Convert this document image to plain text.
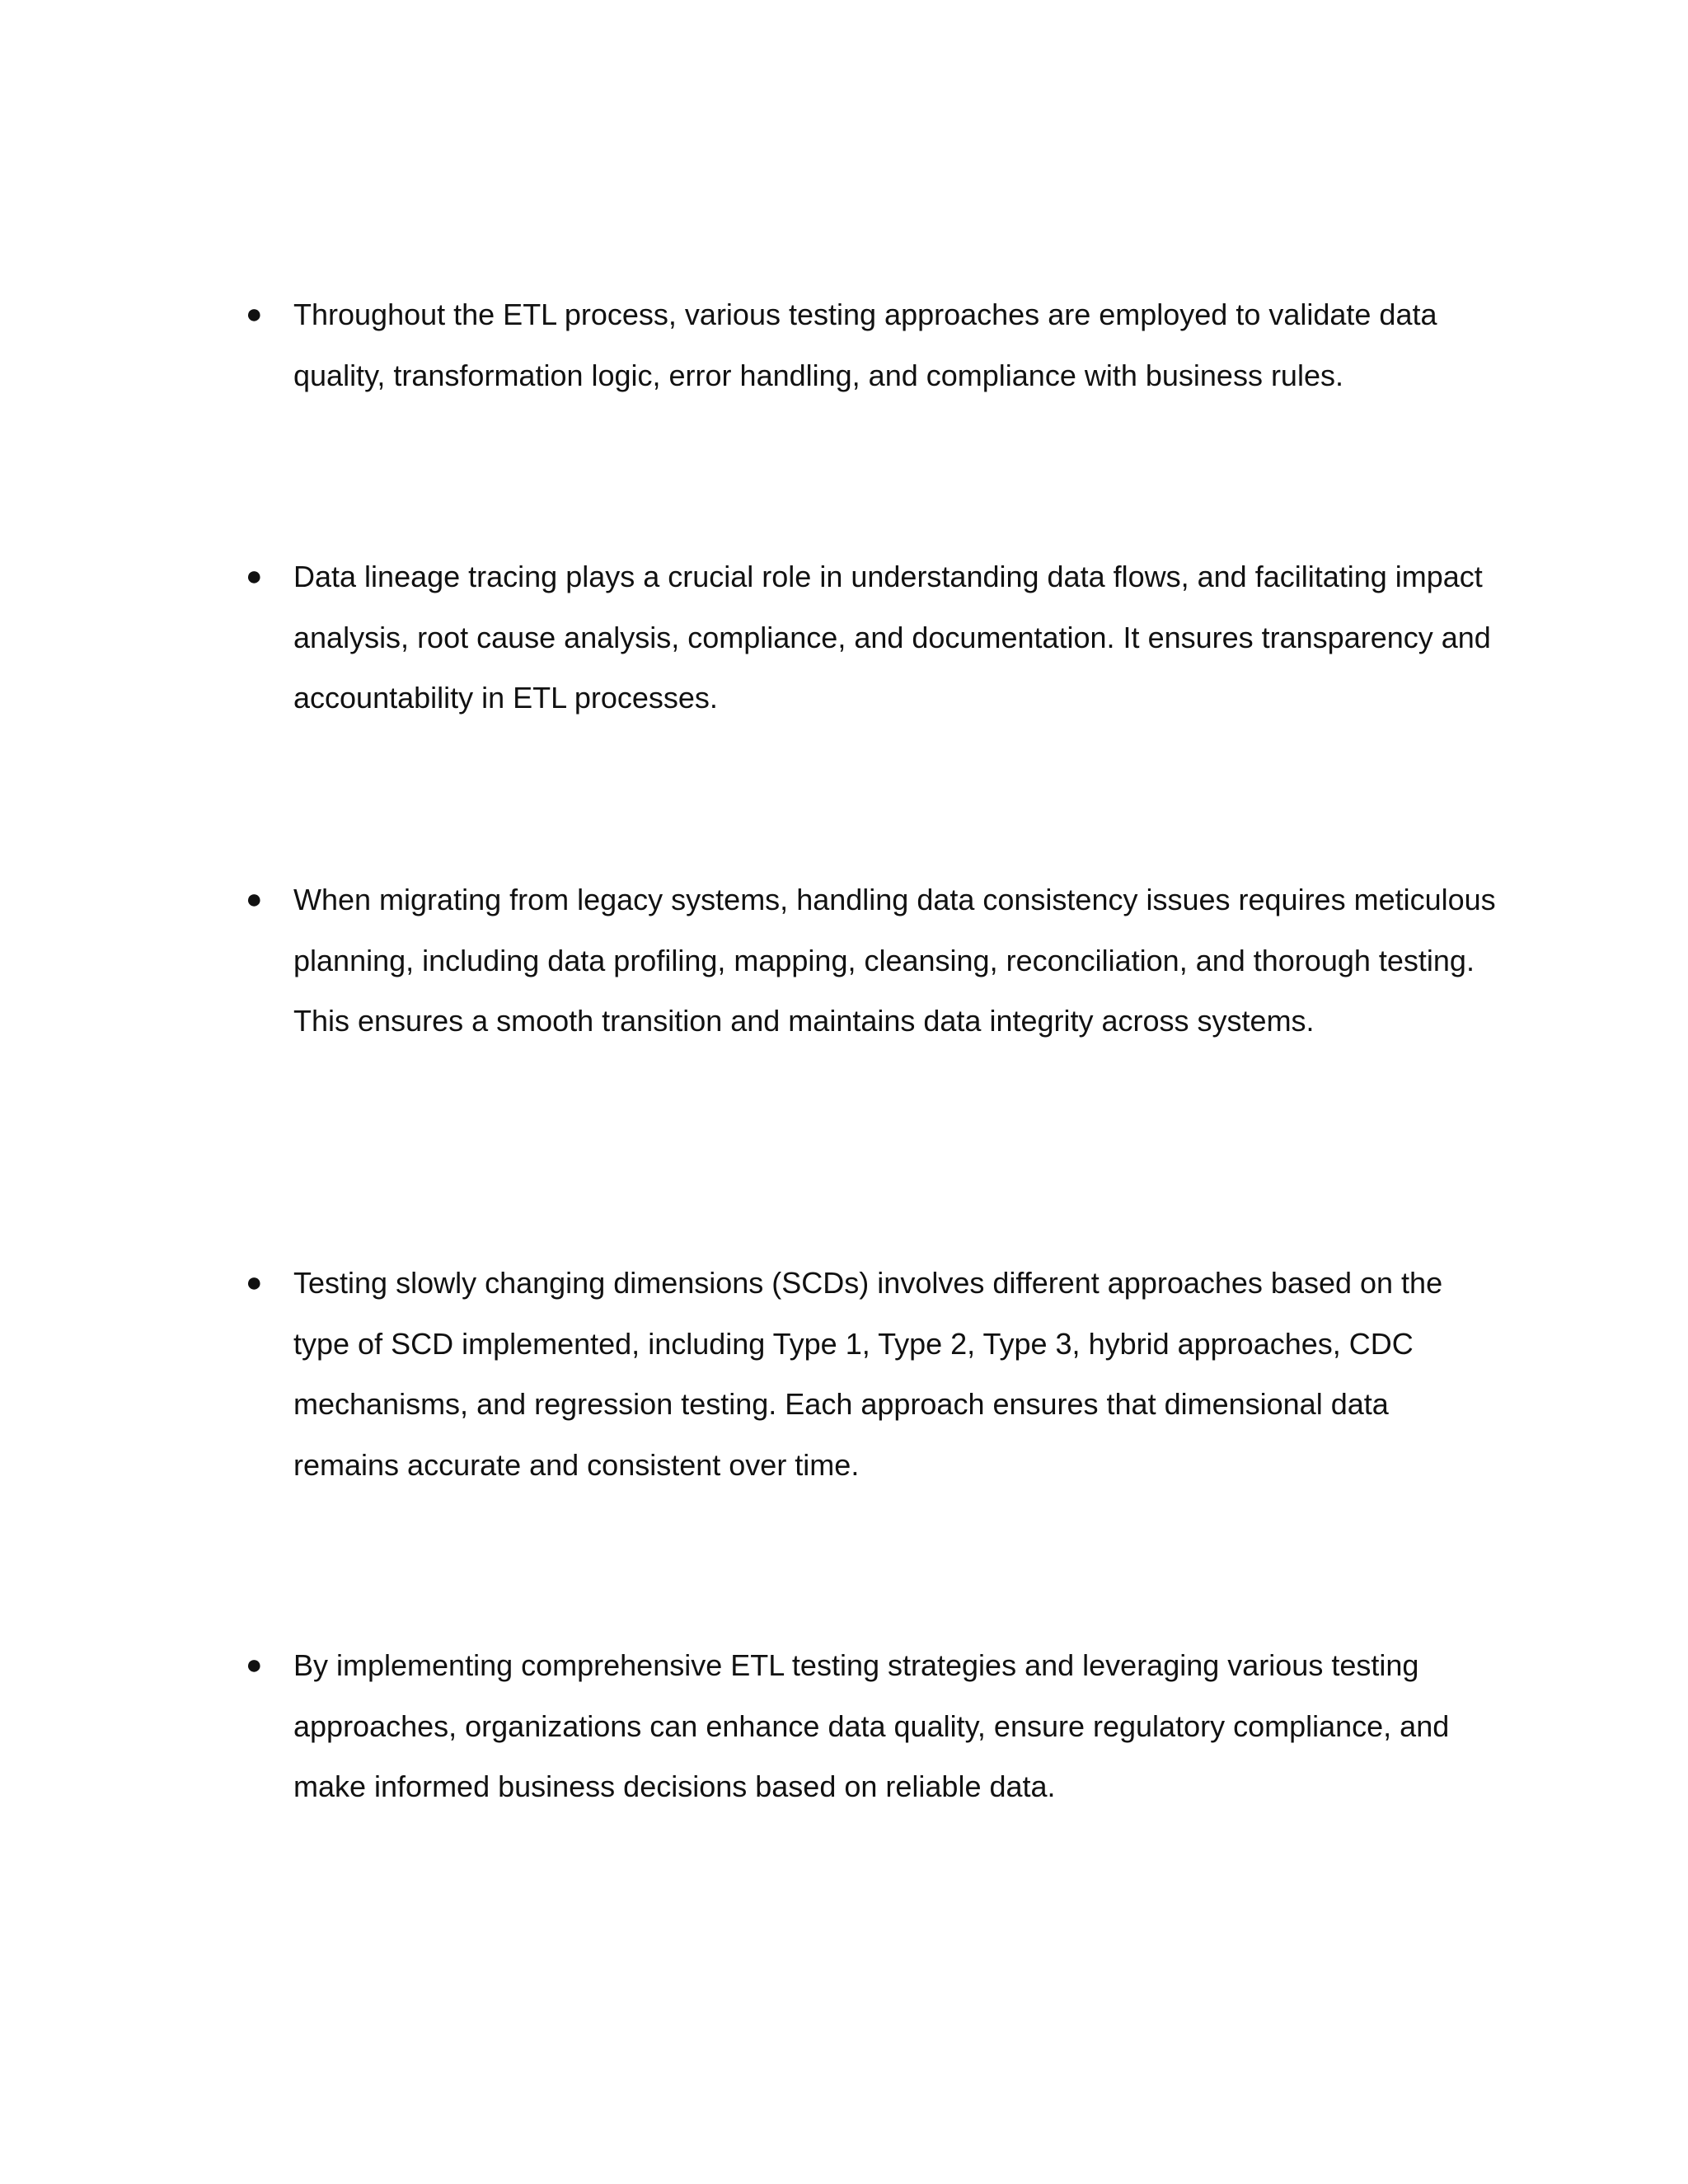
● Throughout the ETL process, various testing approaches are employed to validate data quality, transformation logic, error handling, and compliance with business rules.

● Data lineage tracing plays a crucial role in understanding data flows, and facilitating impact analysis, root cause analysis, compliance, and documentation. It ensures transparency and accountability in ETL processes.

● When migrating from legacy systems, handling data consistency issues requires meticulous planning, including data profiling, mapping, cleansing, reconciliation, and thorough testing. This ensures a smooth transition and maintains data integrity across systems.

● Testing slowly changing dimensions (SCDs) involves different approaches based on the type of SCD implemented, including Type 1, Type 2, Type 3, hybrid approaches, CDC mechanisms, and regression testing. Each approach ensures that dimensional data remains accurate and consistent over time.

● By implementing comprehensive ETL testing strategies and leveraging various testing approaches, organizations can enhance data quality, ensure regulatory compliance, and make informed business decisions based on reliable data.
